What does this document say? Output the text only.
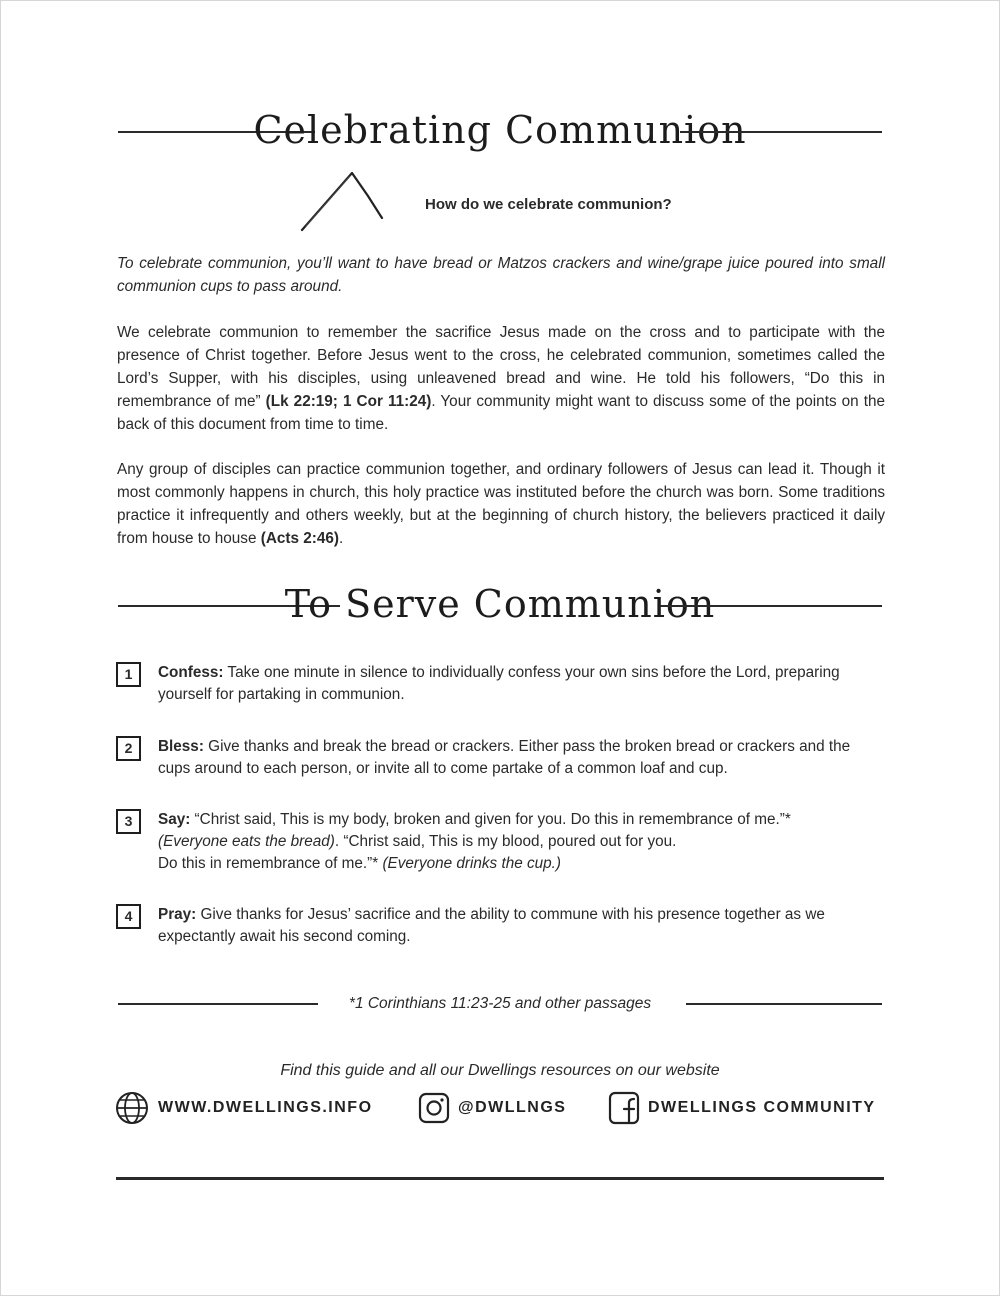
Celebrating Communion
How do we celebrate communion?
To celebrate communion, you’ll want to have bread or Matzos crackers and wine/grape juice poured into small communion cups to pass around.
We celebrate communion to remember the sacrifice Jesus made on the cross and to participate with the presence of Christ together. Before Jesus went to the cross, he celebrated communion, sometimes called the Lord’s Supper, with his disciples, using unleavened bread and wine. He told his followers, “Do this in remembrance of me” (Lk 22:19; 1 Cor 11:24). Your community might want to discuss some of the points on the back of this document from time to time.
Any group of disciples can practice communion together, and ordinary followers of Jesus can lead it. Though it most commonly happens in church, this holy practice was instituted before the church was born. Some traditions practice it infrequently and others weekly, but at the beginning of church history, the believers practiced it daily from house to house (Acts 2:46).
To Serve Communion
1	Confess: Take one minute in silence to individually confess your own sins before the Lord, preparing yourself for partaking in communion.
2	Bless: Give thanks and break the bread or crackers. Either pass the broken bread or crackers and the cups around to each person, or invite all to come partake of a common loaf and cup.
3	Say: “Christ said, This is my body, broken and given for you. Do this in remembrance of me.”*
(Everyone eats the bread). “Christ said, This is my blood, poured out for you.
Do this in remembrance of me.”* (Everyone drinks the cup.)
4	Pray: Give thanks for Jesus’ sacrifice and the ability to commune with his presence together as we expectantly await his second coming.
*1 Corinthians 11:23-25 and other passages
Find this guide and all our Dwellings resources on our website
WWW.DWELLINGS.INFO	@DWLLNGS	DWELLINGS COMMUNITY
